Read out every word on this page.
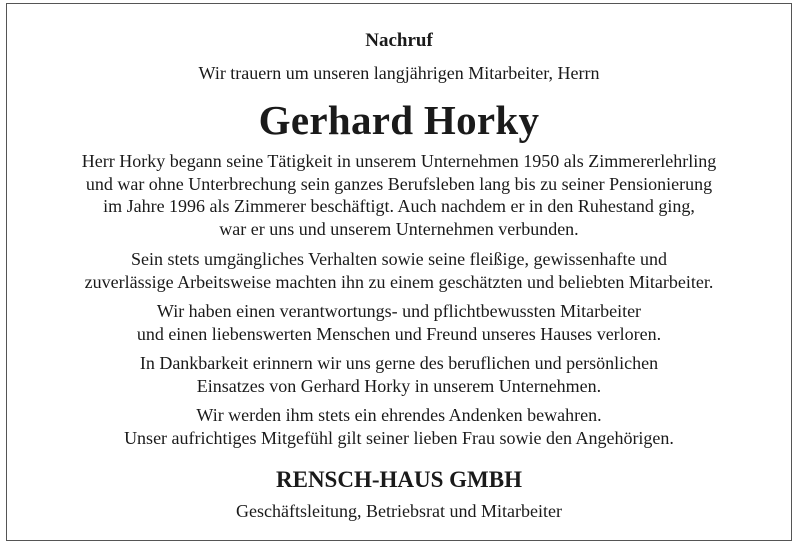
Nachruf
Wir trauern um unseren langjährigen Mitarbeiter, Herrn
Gerhard Horky
Herr Horky begann seine Tätigkeit in unserem Unternehmen 1950 als Zimmererlehrling
und war ohne Unterbrechung sein ganzes Berufsleben lang bis zu seiner Pensionierung
im Jahre 1996 als Zimmerer beschäftigt. Auch nachdem er in den Ruhestand ging,
war er uns und unserem Unternehmen verbunden.
Sein stets umgängliches Verhalten sowie seine fleißige, gewissenhafte und
zuverlässige Arbeitsweise machten ihn zu einem geschätzten und beliebten Mitarbeiter.
Wir haben einen verantwortungs- und pflichtbewussten Mitarbeiter
und einen liebenswerten Menschen und Freund unseres Hauses verloren.
In Dankbarkeit erinnern wir uns gerne des beruflichen und persönlichen
Einsatzes von Gerhard Horky in unserem Unternehmen.
Wir werden ihm stets ein ehrendes Andenken bewahren.
Unser aufrichtiges Mitgefühl gilt seiner lieben Frau sowie den Angehörigen.
RENSCH-HAUS GMBH
Geschäftsleitung, Betriebsrat und Mitarbeiter
